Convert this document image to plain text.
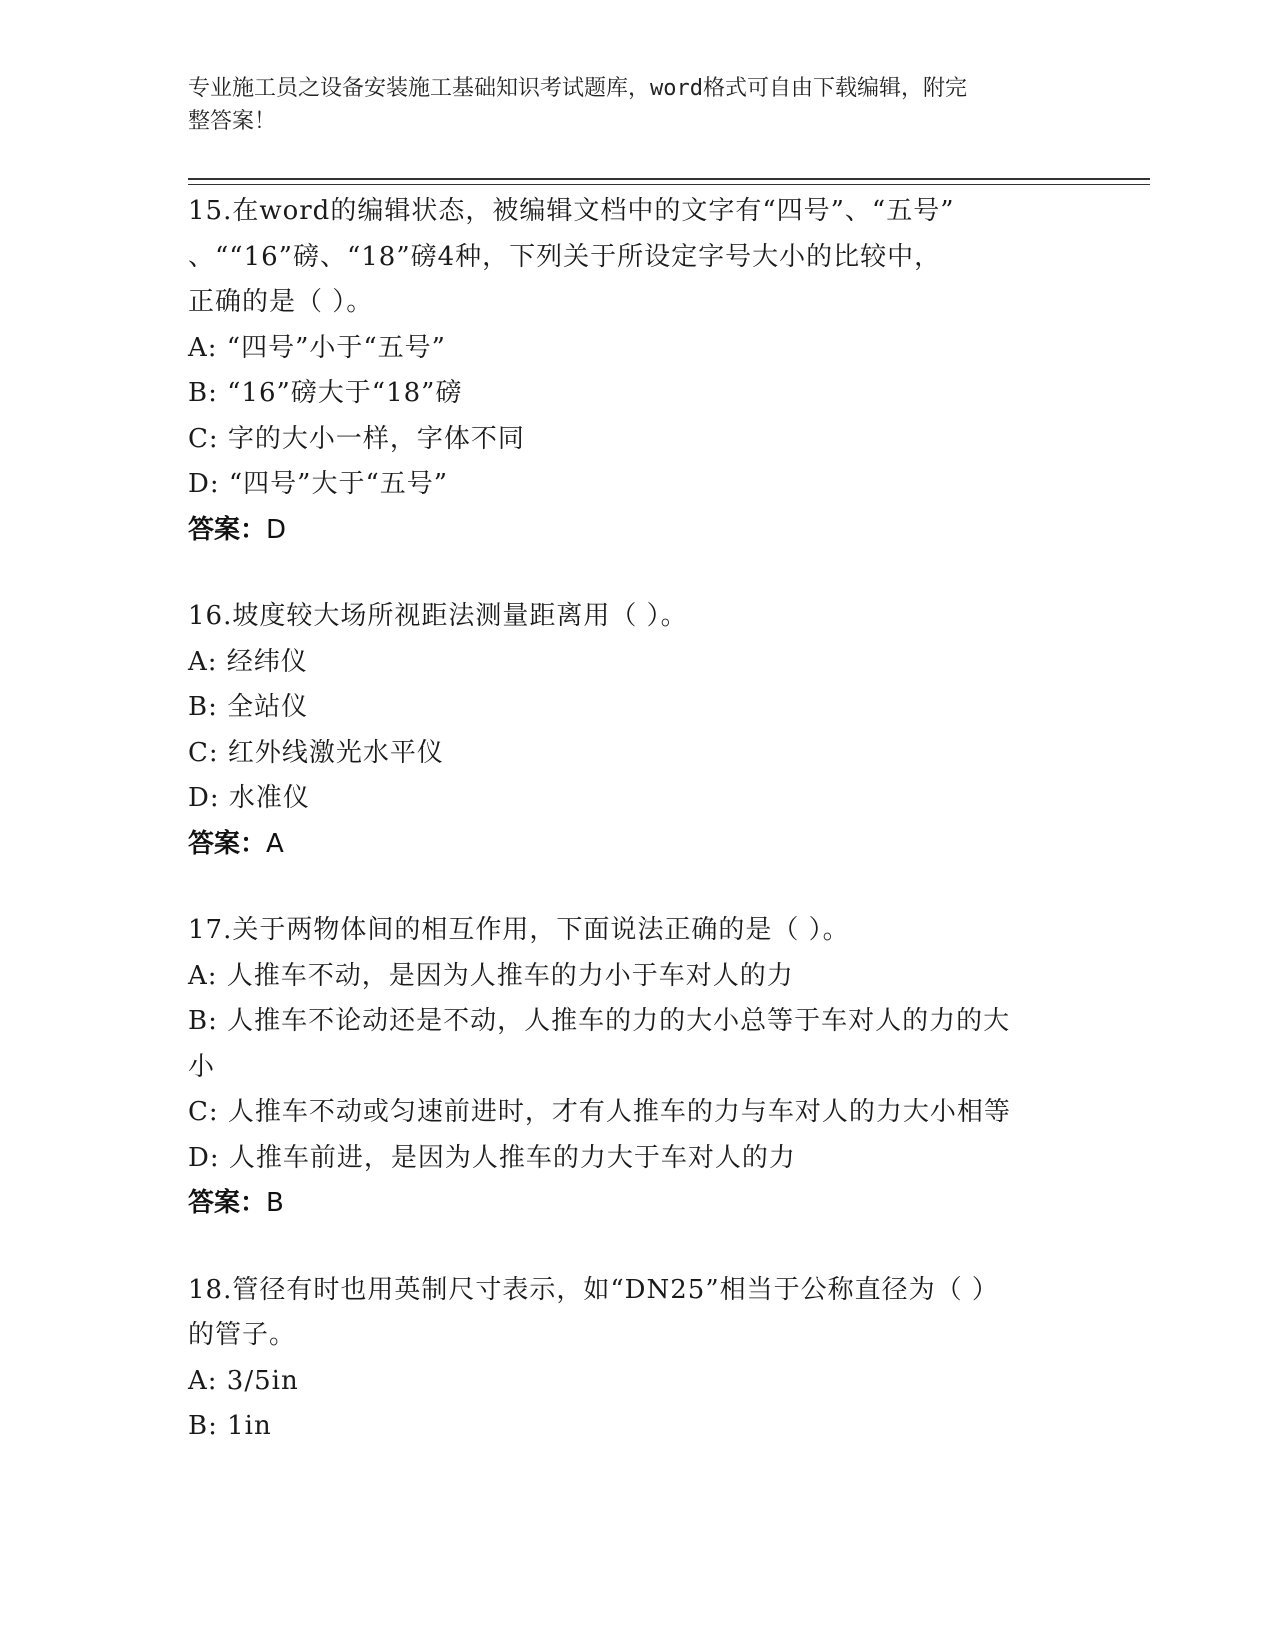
专业施工员之设备安装施工基础知识考试题库，word格式可自由下载编辑，附完
整答案！
15.在word的编辑状态，被编辑文档中的文字有“四号”、“五号”
、““16”磅、“18”磅4种，下列关于所设定字号大小的比较中，
正确的是（ ）。
A: “四号”小于“五号”
B: “16”磅大于“18”磅
C: 字的大小一样，字体不同
D: “四号”大于“五号”
答案：D
16.坡度较大场所视距法测量距离用（ ）。
A: 经纬仪
B: 全站仪
C: 红外线激光水平仪
D: 水准仪
答案：A
17.关于两物体间的相互作用，下面说法正确的是（ ）。
A: 人推车不动，是因为人推车的力小于车对人的力
B: 人推车不论动还是不动，人推车的力的大小总等于车对人的力的大
小
C: 人推车不动或匀速前进时，才有人推车的力与车对人的力大小相等
D: 人推车前进，是因为人推车的力大于车对人的力
答案：B
18.管径有时也用英制尺寸表示，如“DN25”相当于公称直径为（ ）
的管子。
A: 3/5in
B: 1in
